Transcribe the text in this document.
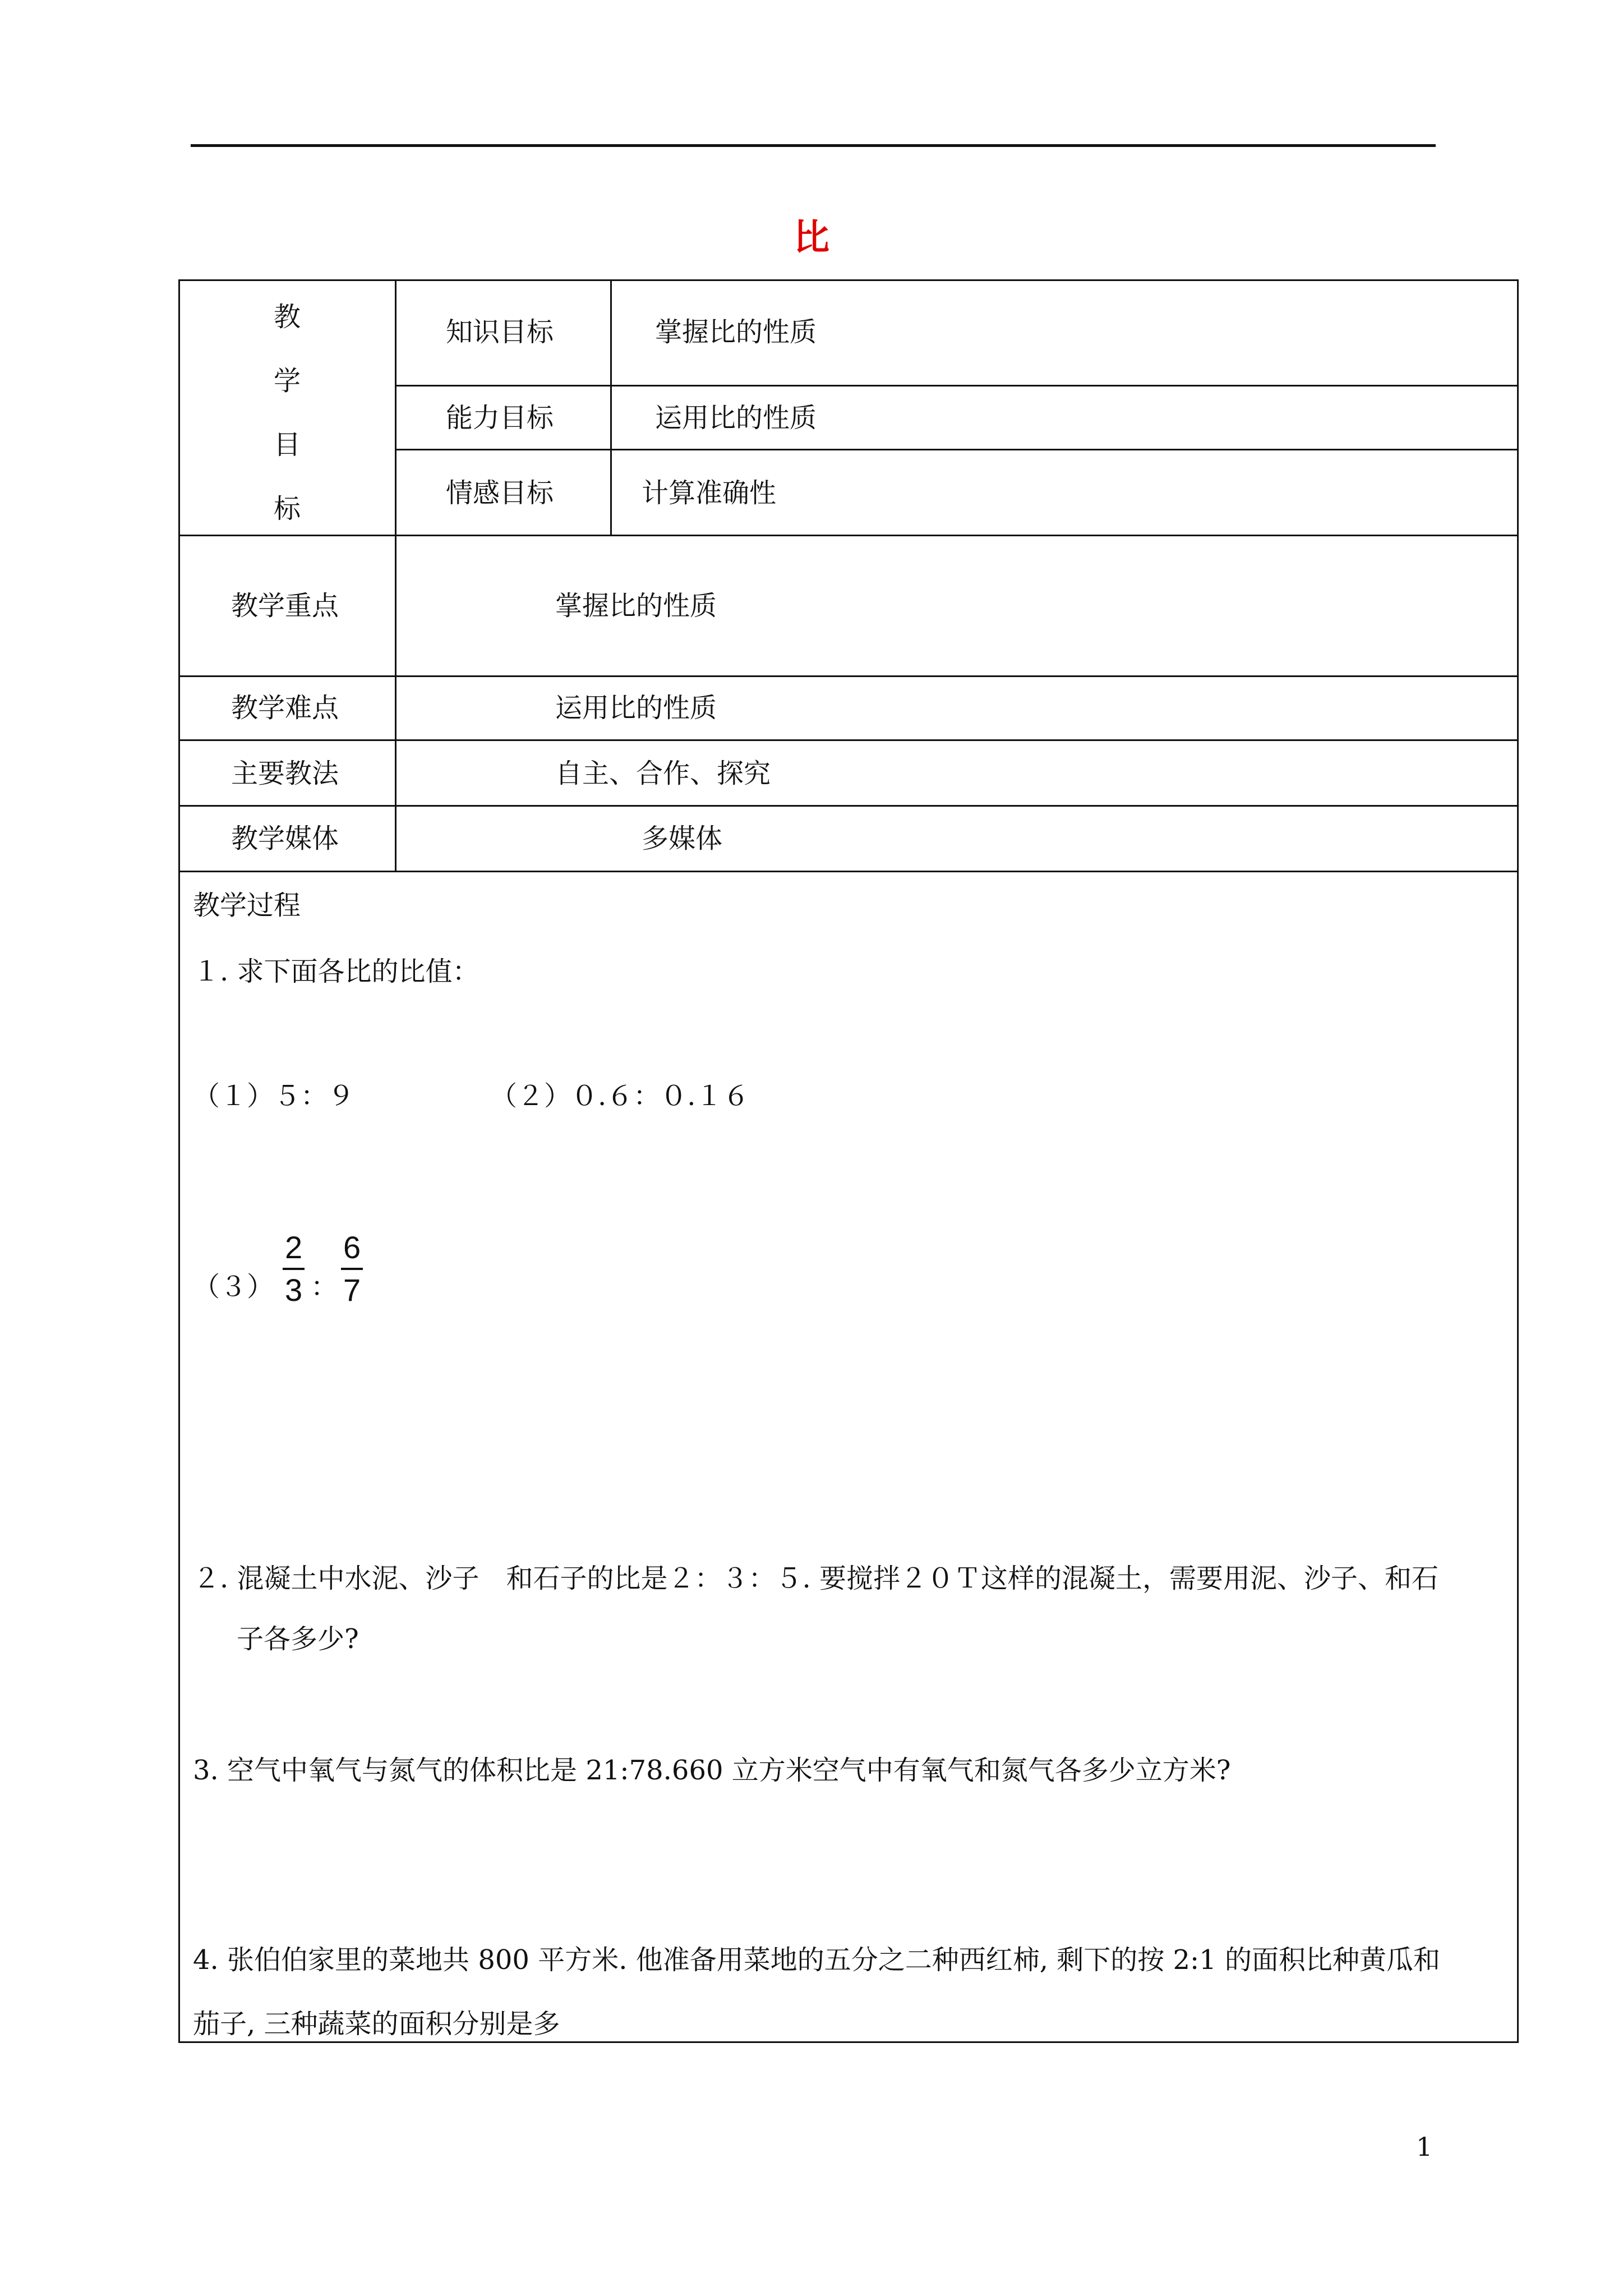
比
教
学
目
标
知识目标	掌握比的性质
能力目标	运用比的性质
情感目标	计算准确性
教学重点	掌握比的性质
教学难点	运用比的性质
主要教法	自主、合作、探究
教学媒体	多媒体
教学过程
１. 求下面各比的比值：
（１）５：９	（２）０.６：０.１６
$(3) \frac{2}{3}$ ： $\frac{6}{7}$
２. 混凝土中水泥、沙子　和石子的比是２：３：５. 要搅拌２０Ｔ这样的混凝土，需要用泥、沙子、和石
子各多少?
3. 空气中氧气与氮气的体积比是 21:78.660 立方米空气中有氧气和氮气各多少立方米?
4. 张伯伯家里的菜地共 800 平方米. 他准备用菜地的五分之二种西红柿, 剩下的按 2:1 的面积比种黄瓜和
茄子, 三种蔬菜的面积分别是多
1
